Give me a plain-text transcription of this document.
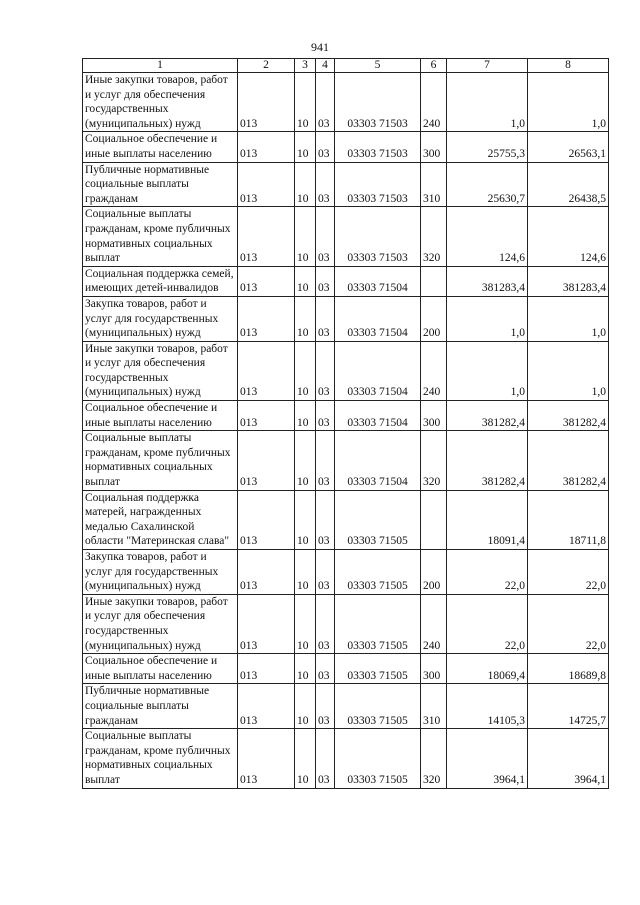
941
1	2	3	4	5	6	7	8
Иные закупки товаров, работ и услуг для обеспечения государственных (муниципальных) нужд	013	10	03	03303 71503	240	1,0	1,0
Социальное обеспечение и иные выплаты населению	013	10	03	03303 71503	300	25755,3	26563,1
Публичные нормативные социальные выплаты гражданам	013	10	03	03303 71503	310	25630,7	26438,5
Социальные выплаты гражданам, кроме публичных нормативных социальных выплат	013	10	03	03303 71503	320	124,6	124,6
Социальная поддержка семей, имеющих детей-инвалидов	013	10	03	03303 71504		381283,4	381283,4
Закупка товаров, работ и услуг для государственных (муниципальных) нужд	013	10	03	03303 71504	200	1,0	1,0
Иные закупки товаров, работ и услуг для обеспечения государственных (муниципальных) нужд	013	10	03	03303 71504	240	1,0	1,0
Социальное обеспечение и иные выплаты населению	013	10	03	03303 71504	300	381282,4	381282,4
Социальные выплаты гражданам, кроме публичных нормативных социальных выплат	013	10	03	03303 71504	320	381282,4	381282,4
Социальная поддержка матерей, награжденных медалью Сахалинской области "Материнская слава"	013	10	03	03303 71505		18091,4	18711,8
Закупка товаров, работ и услуг для государственных (муниципальных) нужд	013	10	03	03303 71505	200	22,0	22,0
Иные закупки товаров, работ и услуг для обеспечения государственных (муниципальных) нужд	013	10	03	03303 71505	240	22,0	22,0
Социальное обеспечение и иные выплаты населению	013	10	03	03303 71505	300	18069,4	18689,8
Публичные нормативные социальные выплаты гражданам	013	10	03	03303 71505	310	14105,3	14725,7
Социальные выплаты гражданам, кроме публичных нормативных социальных выплат	013	10	03	03303 71505	320	3964,1	3964,1
